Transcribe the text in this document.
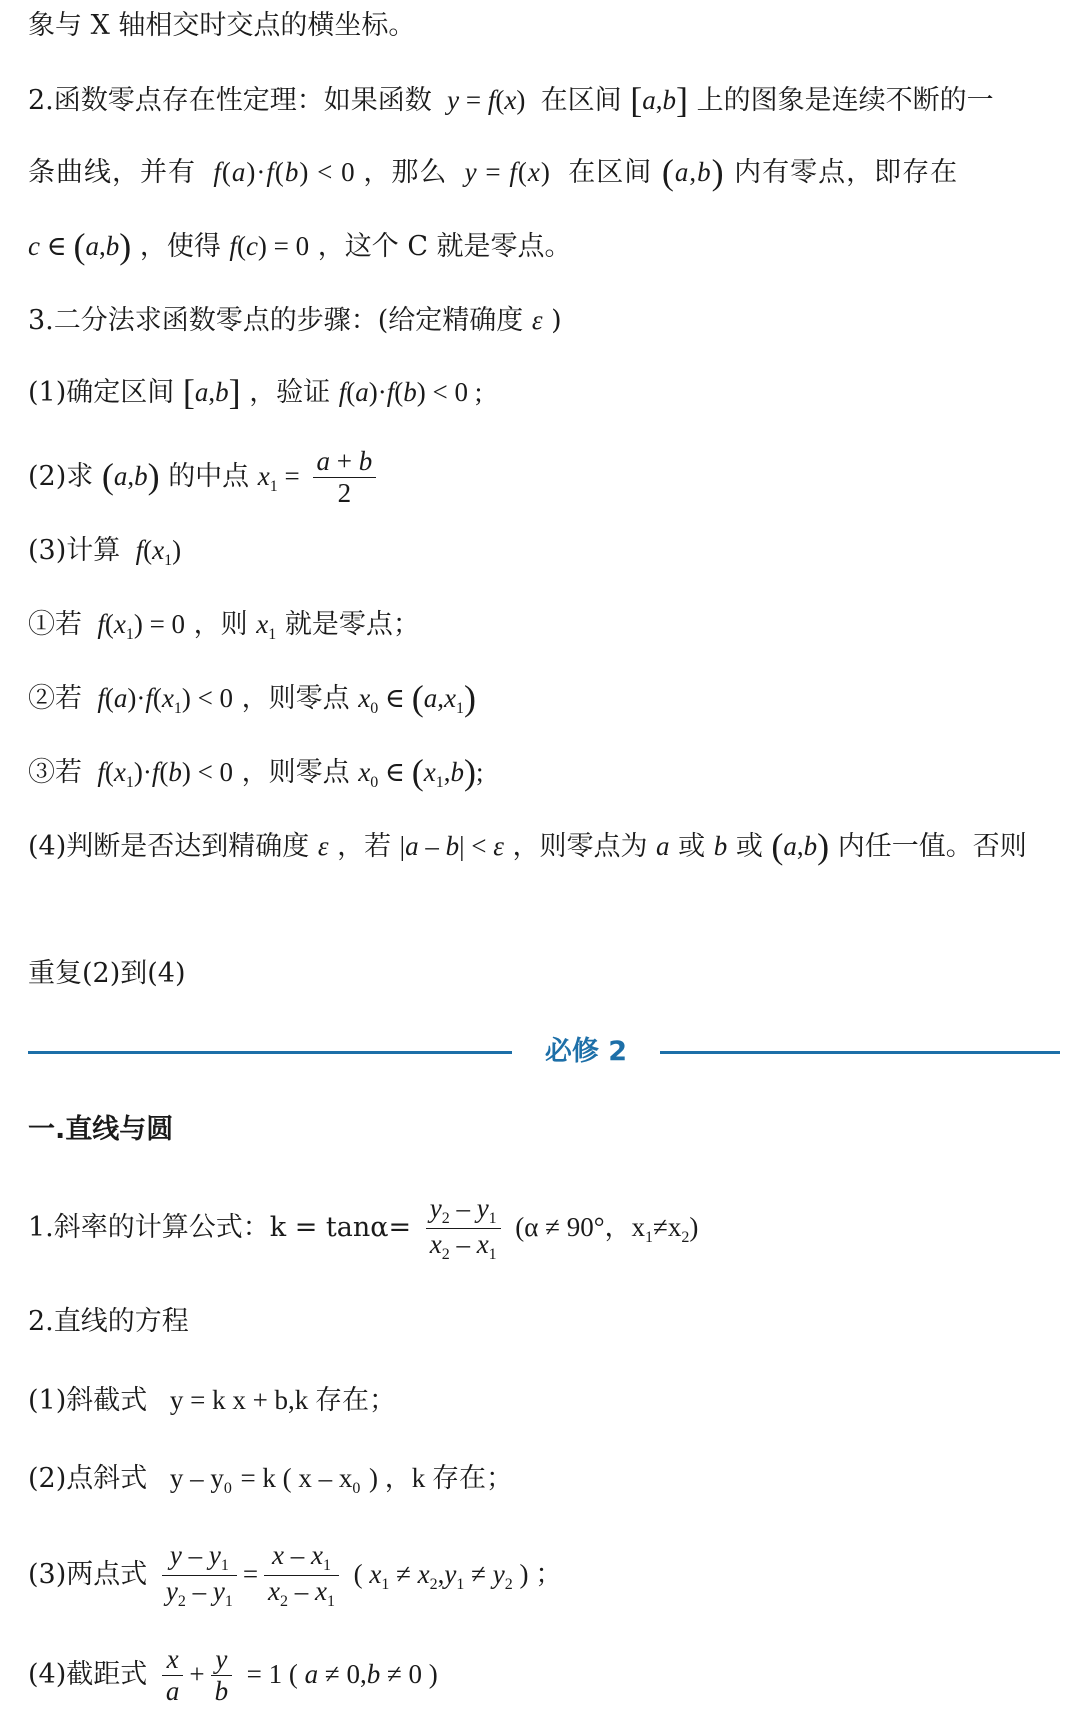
象与 X 轴相交时交点的横坐标。
2.函数零点存在性定理：如果函数  y = f(x)  在区间 [a,b] 上的图象是连续不断的一
条曲线，并有  f(a)·f(b) < 0 ，那么  y = f(x)  在区间 (a,b) 内有零点，即存在
c ∈ (a,b) ，使得 f(c) = 0 ，这个 C 就是零点。
3.二分法求函数零点的步骤：(给定精确度 ε )
(1)确定区间 [a,b] ，验证 f(a)·f(b) < 0 ;
(2)求 (a,b) 的中点 $x_1 = \frac{a + b}{2}$
(3)计算  $f(x_1)$
①若  $f(x_1) = 0$ ，则 $x_1$ 就是零点；
②若  $f(a)\cdot f(x_1) < 0$ ，则零点 $x_0$ ∈ $(a,x_1)$
③若  $f(x_1)\cdot f(b) < 0$ ，则零点 $x_0$ ∈ $(x_1,b)$;
(4)判断是否达到精确度 ε ，若 |a – b| < ε ，则零点为 a 或 b 或 (a,b) 内任一值。否则
重复(2)到(4)
必修 2
一.直线与圆
1.斜率的计算公式：$k = \tan\alpha= \frac{y_2 - y_1}{x_2 - x_1} (\alpha \ne 90^\circ$，$x_1\ne x_2$)
2.直线的方程
(1)斜截式 y = k x + b,k 存在；
(2)点斜式 $y - y_0 = k$ ( x – $x_0$ ) ，k 存在；
(3)两点式 $\frac{y - y_1}{y_2 - y_1} = \frac{x - x_1}{x_2 - x_1}$ ( $x_1 \ne x_2,y_1 \ne y_2$ ) ；
(4)截距式 $\frac{x}{a} + \frac{y}{b} = 1$ ( a ≠ 0,b ≠ 0 )
